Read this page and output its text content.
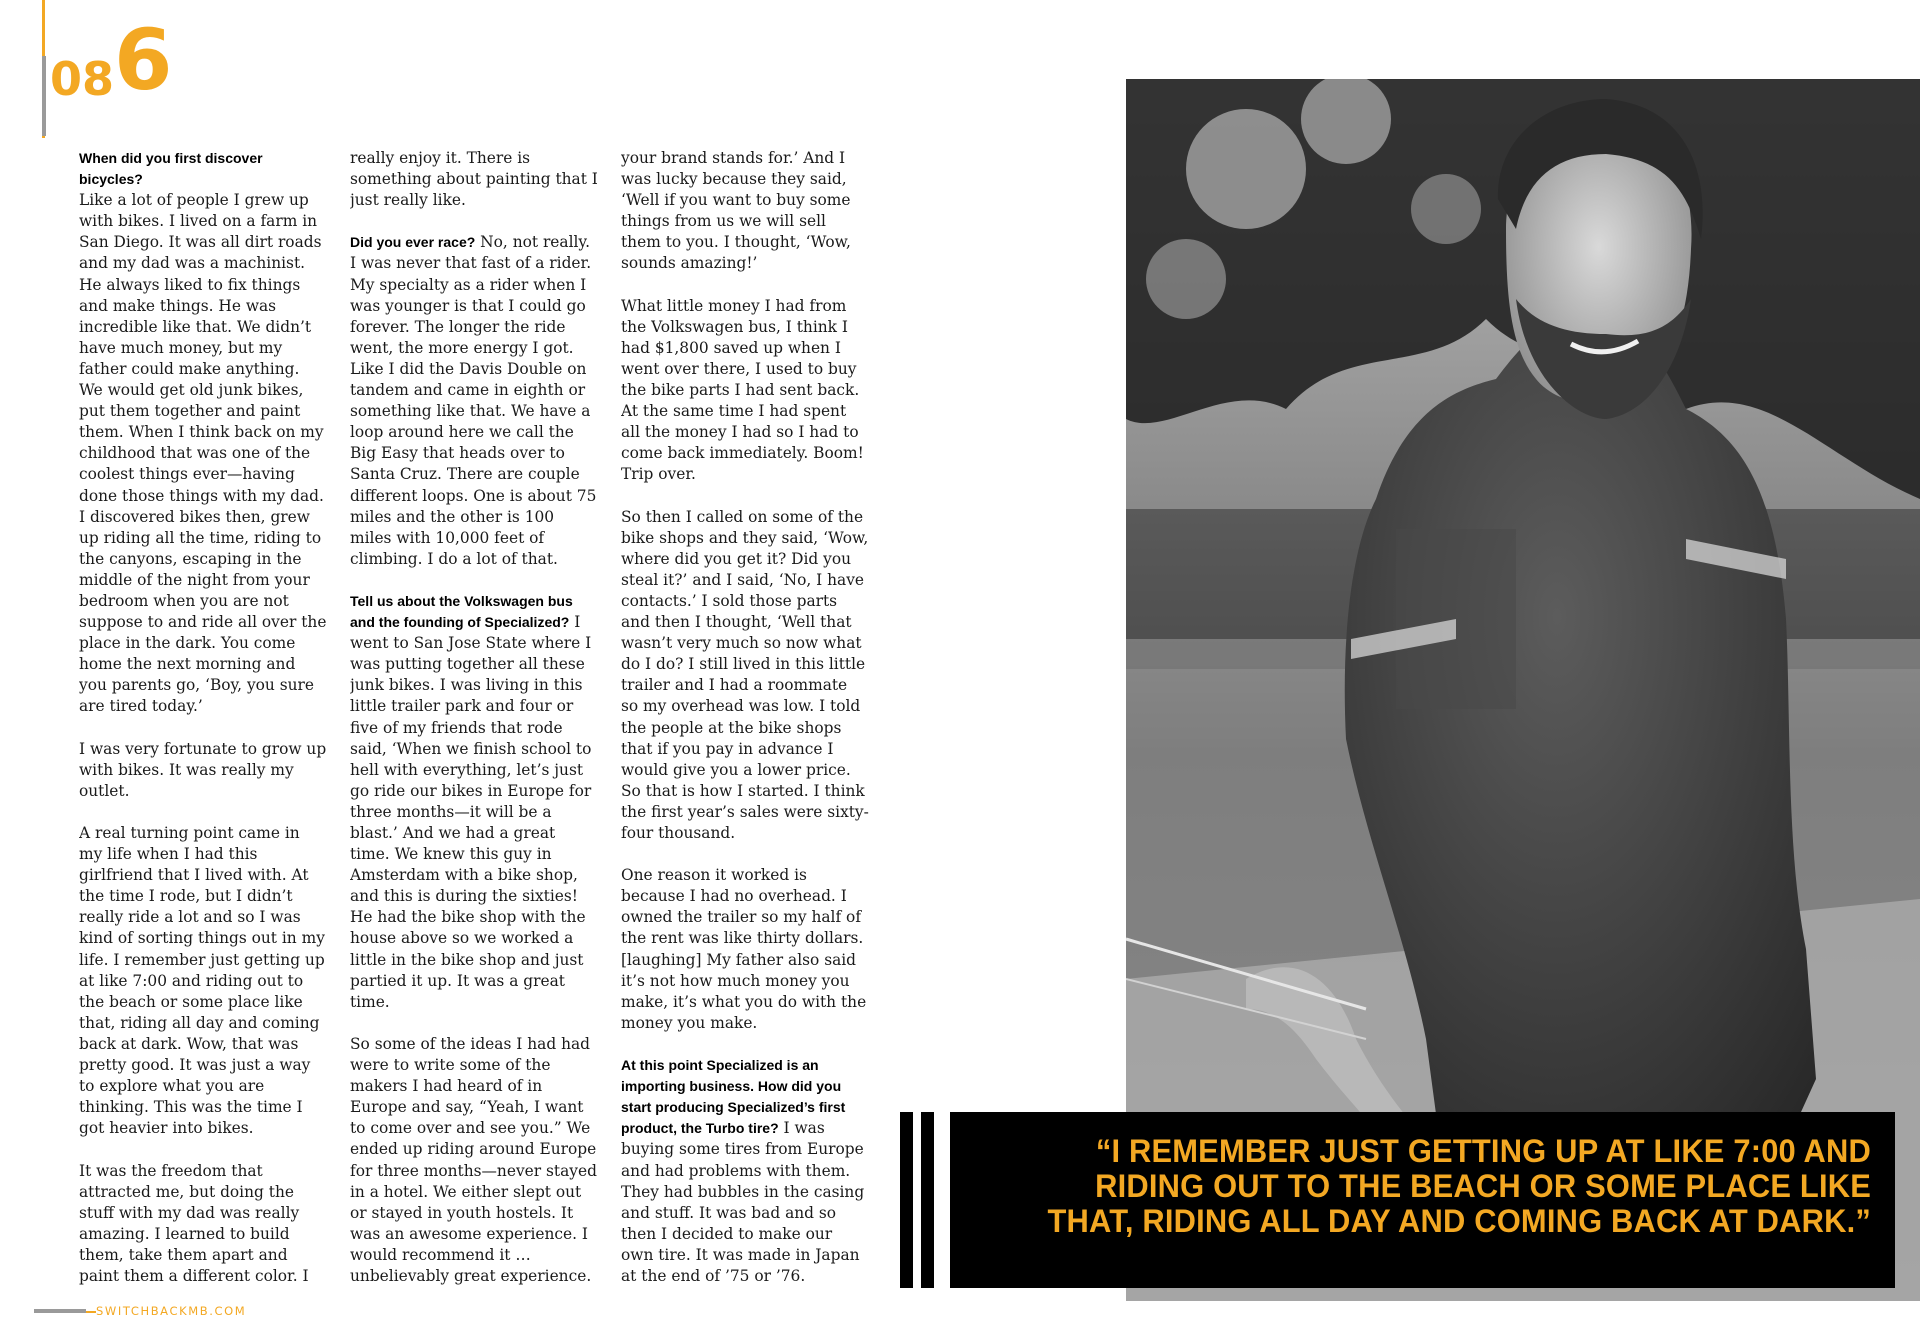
086

When did you first discover bicycles?
Like a lot of people I grew up with bikes. I lived on a farm in San Diego. It was all dirt roads and my dad was a machinist. He always liked to fix things and make things. He was incredible like that. We didn’t have much money, but my father could make anything. We would get old junk bikes, put them together and paint them. When I think back on my childhood that was one of the coolest things ever—having done those things with my dad. I discovered bikes then, grew up riding all the time, riding to the canyons, escaping in the middle of the night from your bedroom when you are not suppose to and ride all over the place in the dark. You come home the next morning and you parents go, ‘Boy, you sure are tired today.’

I was very fortunate to grow up with bikes. It was really my outlet.

A real turning point came in my life when I had this girlfriend that I lived with. At the time I rode, but I didn’t really ride a lot and so I was kind of sorting things out in my life. I remember just getting up at like 7:00 and riding out to the beach or some place like that, riding all day and coming back at dark. Wow, that was pretty good. It was just a way to explore what you are thinking. This was the time I got heavier into bikes.

It was the freedom that attracted me, but doing the stuff with my dad was really amazing. I learned to build them, take them apart and paint them a different color. I

really enjoy it. There is something about painting that I just really like.

Did you ever race? No, not really. I was never that fast of a rider. My specialty as a rider when I was younger is that I could go forever. The longer the ride went, the more energy I got. Like I did the Davis Double on tandem and came in eighth or something like that. We have a loop around here we call the Big Easy that heads over to Santa Cruz. There are couple different loops. One is about 75 miles and the other is 100 miles with 10,000 feet of climbing. I do a lot of that.

Tell us about the Volkswagen bus and the founding of Specialized? I went to San Jose State where I was putting together all these junk bikes. I was living in this little trailer park and four or five of my friends that rode said, ‘When we finish school to hell with everything, let’s just go ride our bikes in Europe for three months—it will be a blast.’ And we had a great time. We knew this guy in Amsterdam with a bike shop, and this is during the sixties! He had the bike shop with the house above so we worked a little in the bike shop and just partied it up. It was a great time.

So some of the ideas I had had were to write some of the makers I had heard of in Europe and say, “Yeah, I want to come over and see you.” We ended up riding around Europe for three months—never stayed in a hotel. We either slept out or stayed in youth hostels. It was an awesome experience. I would recommend it … unbelievably great experience.

your brand stands for.’ And I was lucky because they said, ‘Well if you want to buy some things from us we will sell them to you. I thought, ‘Wow, sounds amazing!’

What little money I had from the Volkswagen bus, I think I had $1,800 saved up when I went over there, I used to buy the bike parts I had sent back. At the same time I had spent all the money I had so I had to come back immediately. Boom! Trip over.

So then I called on some of the bike shops and they said, ‘Wow, where did you get it? Did you steal it?’ and I said, ‘No, I have contacts.’ I sold those parts and then I thought, ‘Well that wasn’t very much so now what do I do? I still lived in this little trailer and I had a roommate so my overhead was low. I told the people at the bike shops that if you pay in advance I would give you a lower price. So that is how I started. I think the first year’s sales were sixty-four thousand.

One reason it worked is because I had no overhead. I owned the trailer so my half of the rent was like thirty dollars. [laughing] My father also said it’s not how much money you make, it’s what you do with the money you make.

At this point Specialized is an importing business. How did you start producing Specialized’s first product, the Turbo tire? I was buying some tires from Europe and had problems with them. They had bubbles in the casing and stuff. It was bad and so then I decided to make our own tire. It was made in Japan at the end of ’75 or ’76.

“I REMEMBER JUST GETTING UP AT LIKE 7:00 AND RIDING OUT TO THE BEACH OR SOME PLACE LIKE THAT, RIDING ALL DAY AND COMING BACK AT DARK.”
SWITCHBACKMB.COM
